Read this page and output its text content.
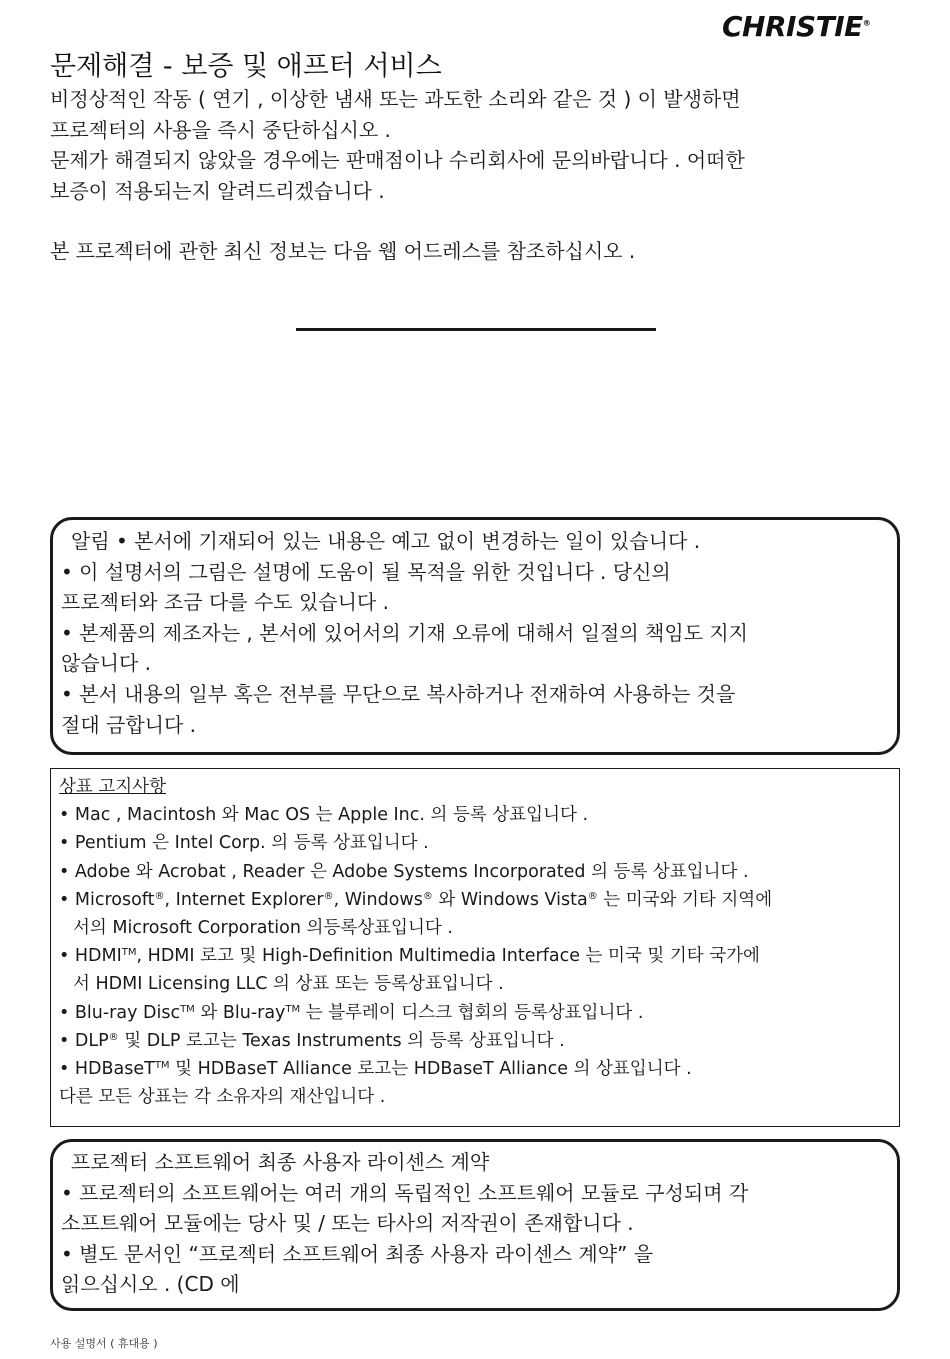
CHRISTIE®
문제해결 - 보증 및 애프터 서비스

비정상적인 작동 ( 연기 , 이상한 냄새 또는 과도한 소리와 같은 것 ) 이 발생하면

프로젝터의 사용을 즉시 중단하십시오 .

문제가 해결되지 않았을 경우에는 판매점이나 수리회사에 문의바랍니다 . 어떠한

보증이 적용되는지 알려드리겠습니다 .

본 프로젝터에 관한 최신 정보는 다음 웹 어드레스를 참조하십시오 .

알림 • 본서에 기재되어 있는 내용은 예고 없이 변경하는 일이 있습니다 .

• 이 설명서의 그림은 설명에 도움이 될 목적을 위한 것입니다 . 당신의

프로젝터와 조금 다를 수도 있습니다 .

• 본제품의 제조자는 , 본서에 있어서의 기재 오류에 대해서 일절의 책임도 지지

않습니다 .

• 본서 내용의 일부 혹은 전부를 무단으로 복사하거나 전재하여 사용하는 것을

절대 금합니다 .

상표 고지사항

• Mac , Macintosh 와 Mac OS 는 Apple Inc. 의 등록 상표입니다 .

• Pentium 은 Intel Corp. 의 등록 상표입니다 .

• Adobe 와 Acrobat , Reader 은 Adobe Systems Incorporated 의 등록 상표입니다 .

• Microsoft®, Internet Explorer®, Windows® 와 Windows Vista® 는 미국와 기타 지역에

서의 Microsoft Corporation 의등록상표입니다 .

• HDMI™, HDMI 로고 및 High-Definition Multimedia Interface 는 미국 및 기타 국가에

서 HDMI Licensing LLC 의 상표 또는 등록상표입니다 .

• Blu-ray Disc™ 와 Blu-ray™ 는 블루레이 디스크 협회의 등록상표입니다 .

• DLP® 및 DLP 로고는 Texas Instruments 의 등록 상표입니다 .

• HDBaseT™ 및 HDBaseT Alliance 로고는 HDBaseT Alliance 의 상표입니다 .

다른 모든 상표는 각 소유자의 재산입니다 .

프로젝터 소프트웨어 최종 사용자 라이센스 계약

• 프로젝터의 소프트웨어는 여러 개의 독립적인 소프트웨어 모듈로 구성되며 각

소프트웨어 모듈에는 당사 및 / 또는 타사의 저작권이 존재합니다 .

• 별도 문서인 “프로젝터 소프트웨어 최종 사용자 라이센스 계약” 을

읽으십시오 . (CD 에

사용 설명서 ( 휴대용 )
